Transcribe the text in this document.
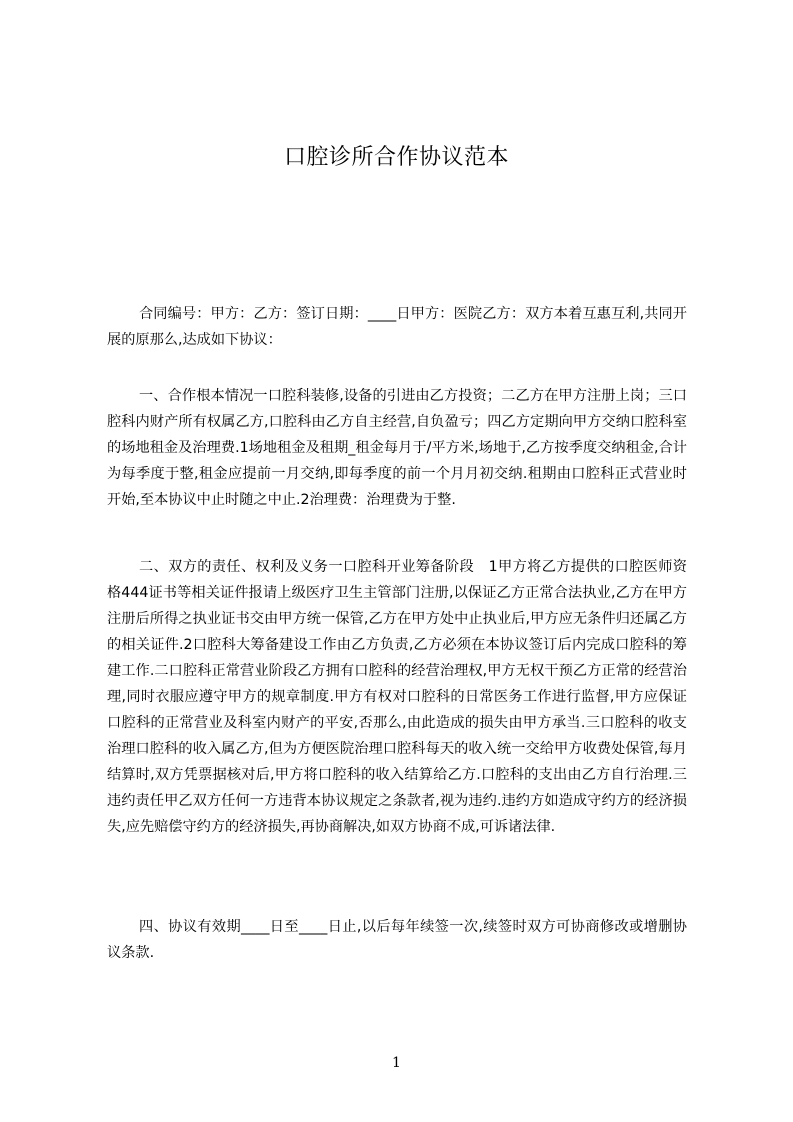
口腔诊所合作协议范本

合同编号：甲方：乙方：签订日期：____日甲方：医院乙方：双方本着互惠互利,共同开展的原那么,达成如下协议：

一、合作根本情况一口腔科装修,设备的引进由乙方投资；二乙方在甲方注册上岗；三口腔科内财产所有权属乙方,口腔科由乙方自主经营,自负盈亏；四乙方定期向甲方交纳口腔科室的场地租金及治理费.1场地租金及租期_租金每月于/平方米,场地于,乙方按季度交纳租金,合计为每季度于整,租金应提前一月交纳,即每季度的前一个月月初交纳.租期由口腔科正式营业时开始,至本协议中止时随之中止.2治理费：治理费为于整.

二、双方的责任、权利及义务一口腔科开业筹备阶段　1甲方将乙方提供的口腔医师资格444证书等相关证件报请上级医疗卫生主管部门注册,以保证乙方正常合法执业,乙方在甲方注册后所得之执业证书交由甲方统一保管,乙方在甲方处中止执业后,甲方应无条件归还属乙方的相关证件.2口腔科大筹备建设工作由乙方负责,乙方必须在本协议签订后内完成口腔科的筹建工作.二口腔科正常营业阶段乙方拥有口腔科的经营治理权,甲方无权干预乙方正常的经营治理,同时衣服应遵守甲方的规章制度.甲方有权对口腔科的日常医务工作进行监督,甲方应保证口腔科的正常营业及科室内财产的平安,否那么,由此造成的损失由甲方承当.三口腔科的收支治理口腔科的收入属乙方,但为方便医院治理口腔科每天的收入统一交给甲方收费处保管,每月结算时,双方凭票据核对后,甲方将口腔科的收入结算给乙方.口腔科的支出由乙方自行治理.三违约责任甲乙双方任何一方违背本协议规定之条款者,视为违约.违约方如造成守约方的经济损失,应先赔偿守约方的经济损失,再协商解决,如双方协商不成,可诉诸法律.

四、协议有效期____日至____日止,以后每年续签一次,续签时双方可协商修改或增删协议条款.

1
